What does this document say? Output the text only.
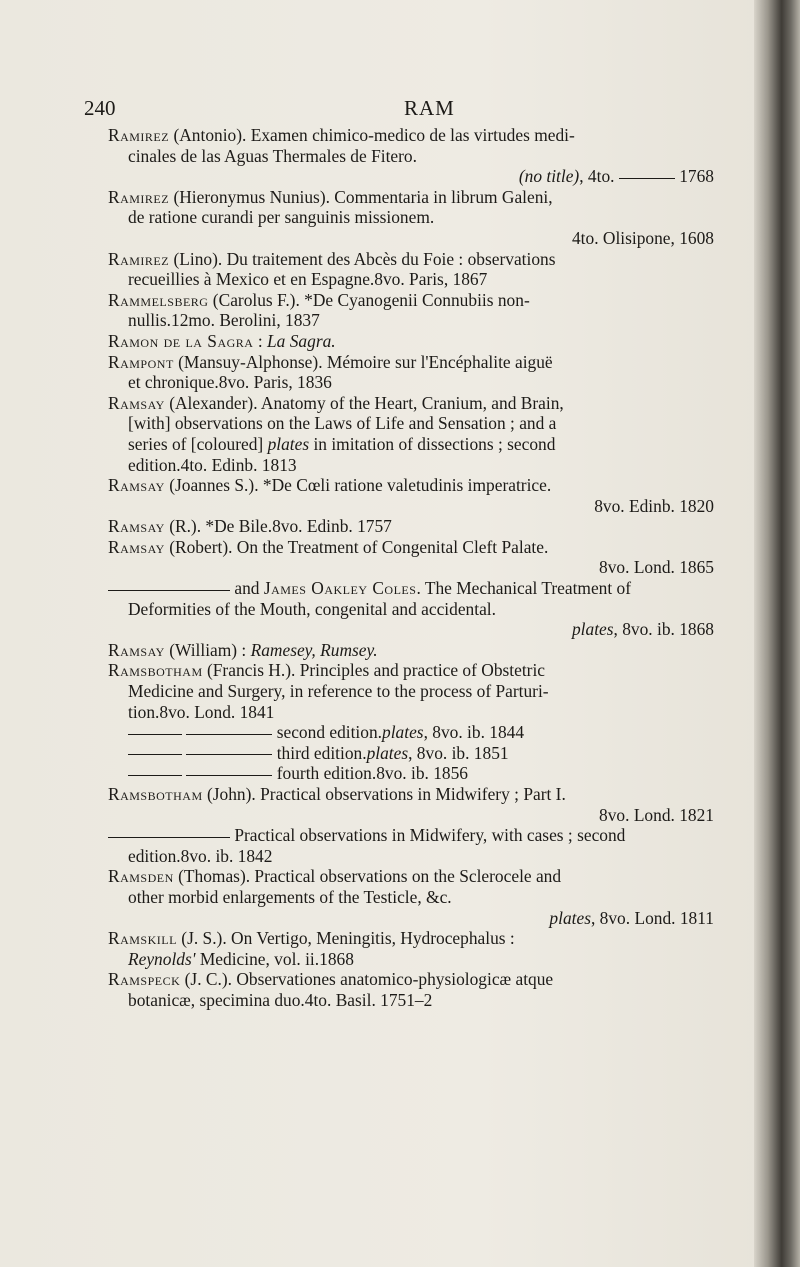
240	RAM
Ramirez (Antonio). Examen chimico-medico de las virtudes medi-
cinales de las Aguas Thermales de Fitero.
(no title), 4to.	1768
Ramirez (Hieronymus Nunius). Commentaria in librum Galeni,
de ratione curandi per sanguinis missionem.
4to. Olisipone, 1608
Ramirez (Lino). Du traitement des Abcès du Foie : observations
recueillies à Mexico et en Espagne.8vo. Paris, 1867
Rammelsberg (Carolus F.). *De Cyanogenii Connubiis non-
nullis.12mo. Berolini, 1837
Ramon de la Sagra : La Sagra.
Rampont (Mansuy-Alphonse). Mémoire sur l'Encéphalite aiguë
et chronique.8vo. Paris, 1836
Ramsay (Alexander). Anatomy of the Heart, Cranium, and Brain,
[with] observations on the Laws of Life and Sensation ; and a
series of [coloured] plates in imitation of dissections ; second
edition.4to. Edinb. 1813
Ramsay (Joannes S.). *De Cœli ratione valetudinis imperatrice.
8vo. Edinb. 1820
Ramsay (R.). *De Bile.8vo. Edinb. 1757
Ramsay (Robert). On the Treatment of Congenital Cleft Palate.
8vo. Lond. 1865
and James Oakley Coles. The Mechanical Treatment of
Deformities of the Mouth, congenital and accidental.
plates, 8vo. ib. 1868
Ramsay (William) : Ramesey, Rumsey.
Ramsbotham (Francis H.). Principles and practice of Obstetric
Medicine and Surgery, in reference to the process of Parturi-
tion.8vo. Lond. 1841
second edition.plates, 8vo. ib. 1844
third edition.plates, 8vo. ib. 1851
fourth edition.8vo. ib. 1856
Ramsbotham (John). Practical observations in Midwifery ; Part I.
8vo. Lond. 1821
Practical observations in Midwifery, with cases ; second
edition.8vo. ib. 1842
Ramsden (Thomas). Practical observations on the Sclerocele and
other morbid enlargements of the Testicle, &c.
plates, 8vo. Lond. 1811
Ramskill (J. S.). On Vertigo, Meningitis, Hydrocephalus :
Reynolds' Medicine, vol. ii.1868
Ramspeck (J. C.). Observationes anatomico-physiologicæ atque
botanicæ, specimina duo.4to. Basil. 1751–2
